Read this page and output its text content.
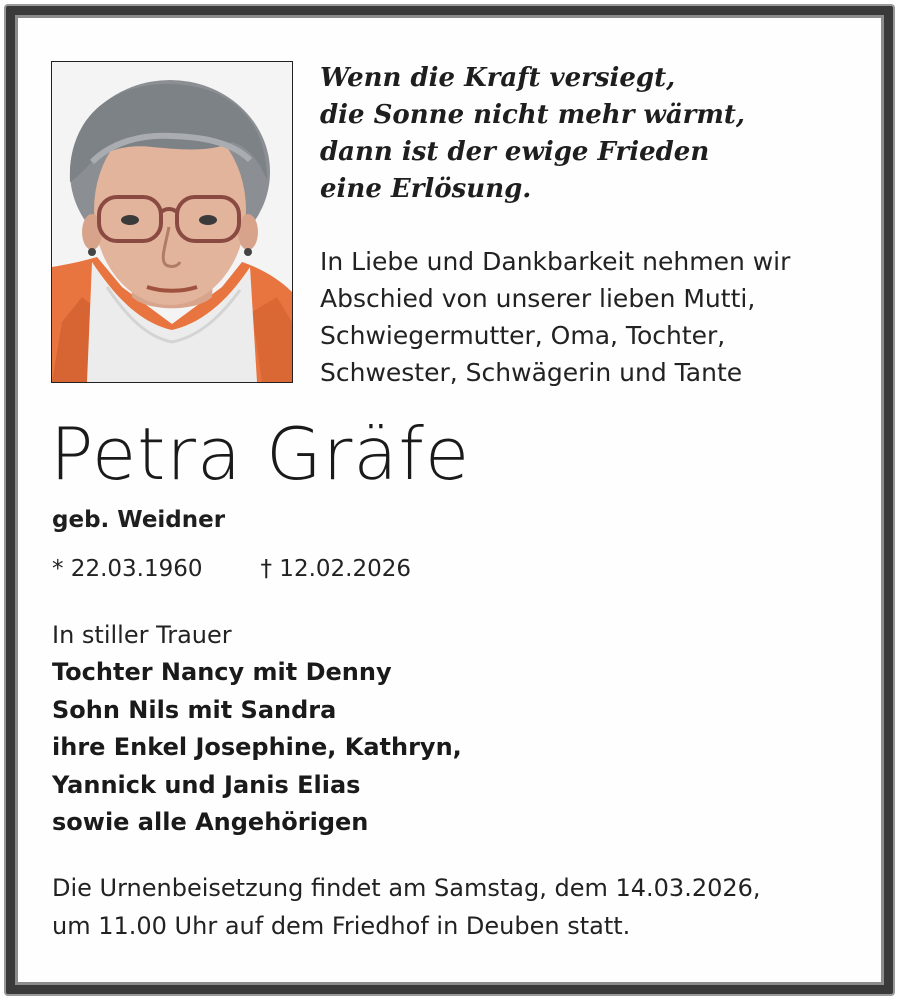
Wenn die Kraft versiegt,
die Sonne nicht mehr wärmt,
dann ist der ewige Frieden
eine Erlösung.
In Liebe und Dankbarkeit nehmen wir
Abschied von unserer lieben Mutti,
Schwiegermutter, Oma, Tochter,
Schwester, Schwägerin und Tante
Petra Gräfe
geb. Weidner
* 22.03.1960	† 12.02.2026
In stiller Trauer
Tochter Nancy mit Denny
Sohn Nils mit Sandra
ihre Enkel Josephine, Kathryn,
Yannick und Janis Elias
sowie alle Angehörigen
Die Urnenbeisetzung findet am Samstag, dem 14.03.2026,
um 11.00 Uhr auf dem Friedhof in Deuben statt.
